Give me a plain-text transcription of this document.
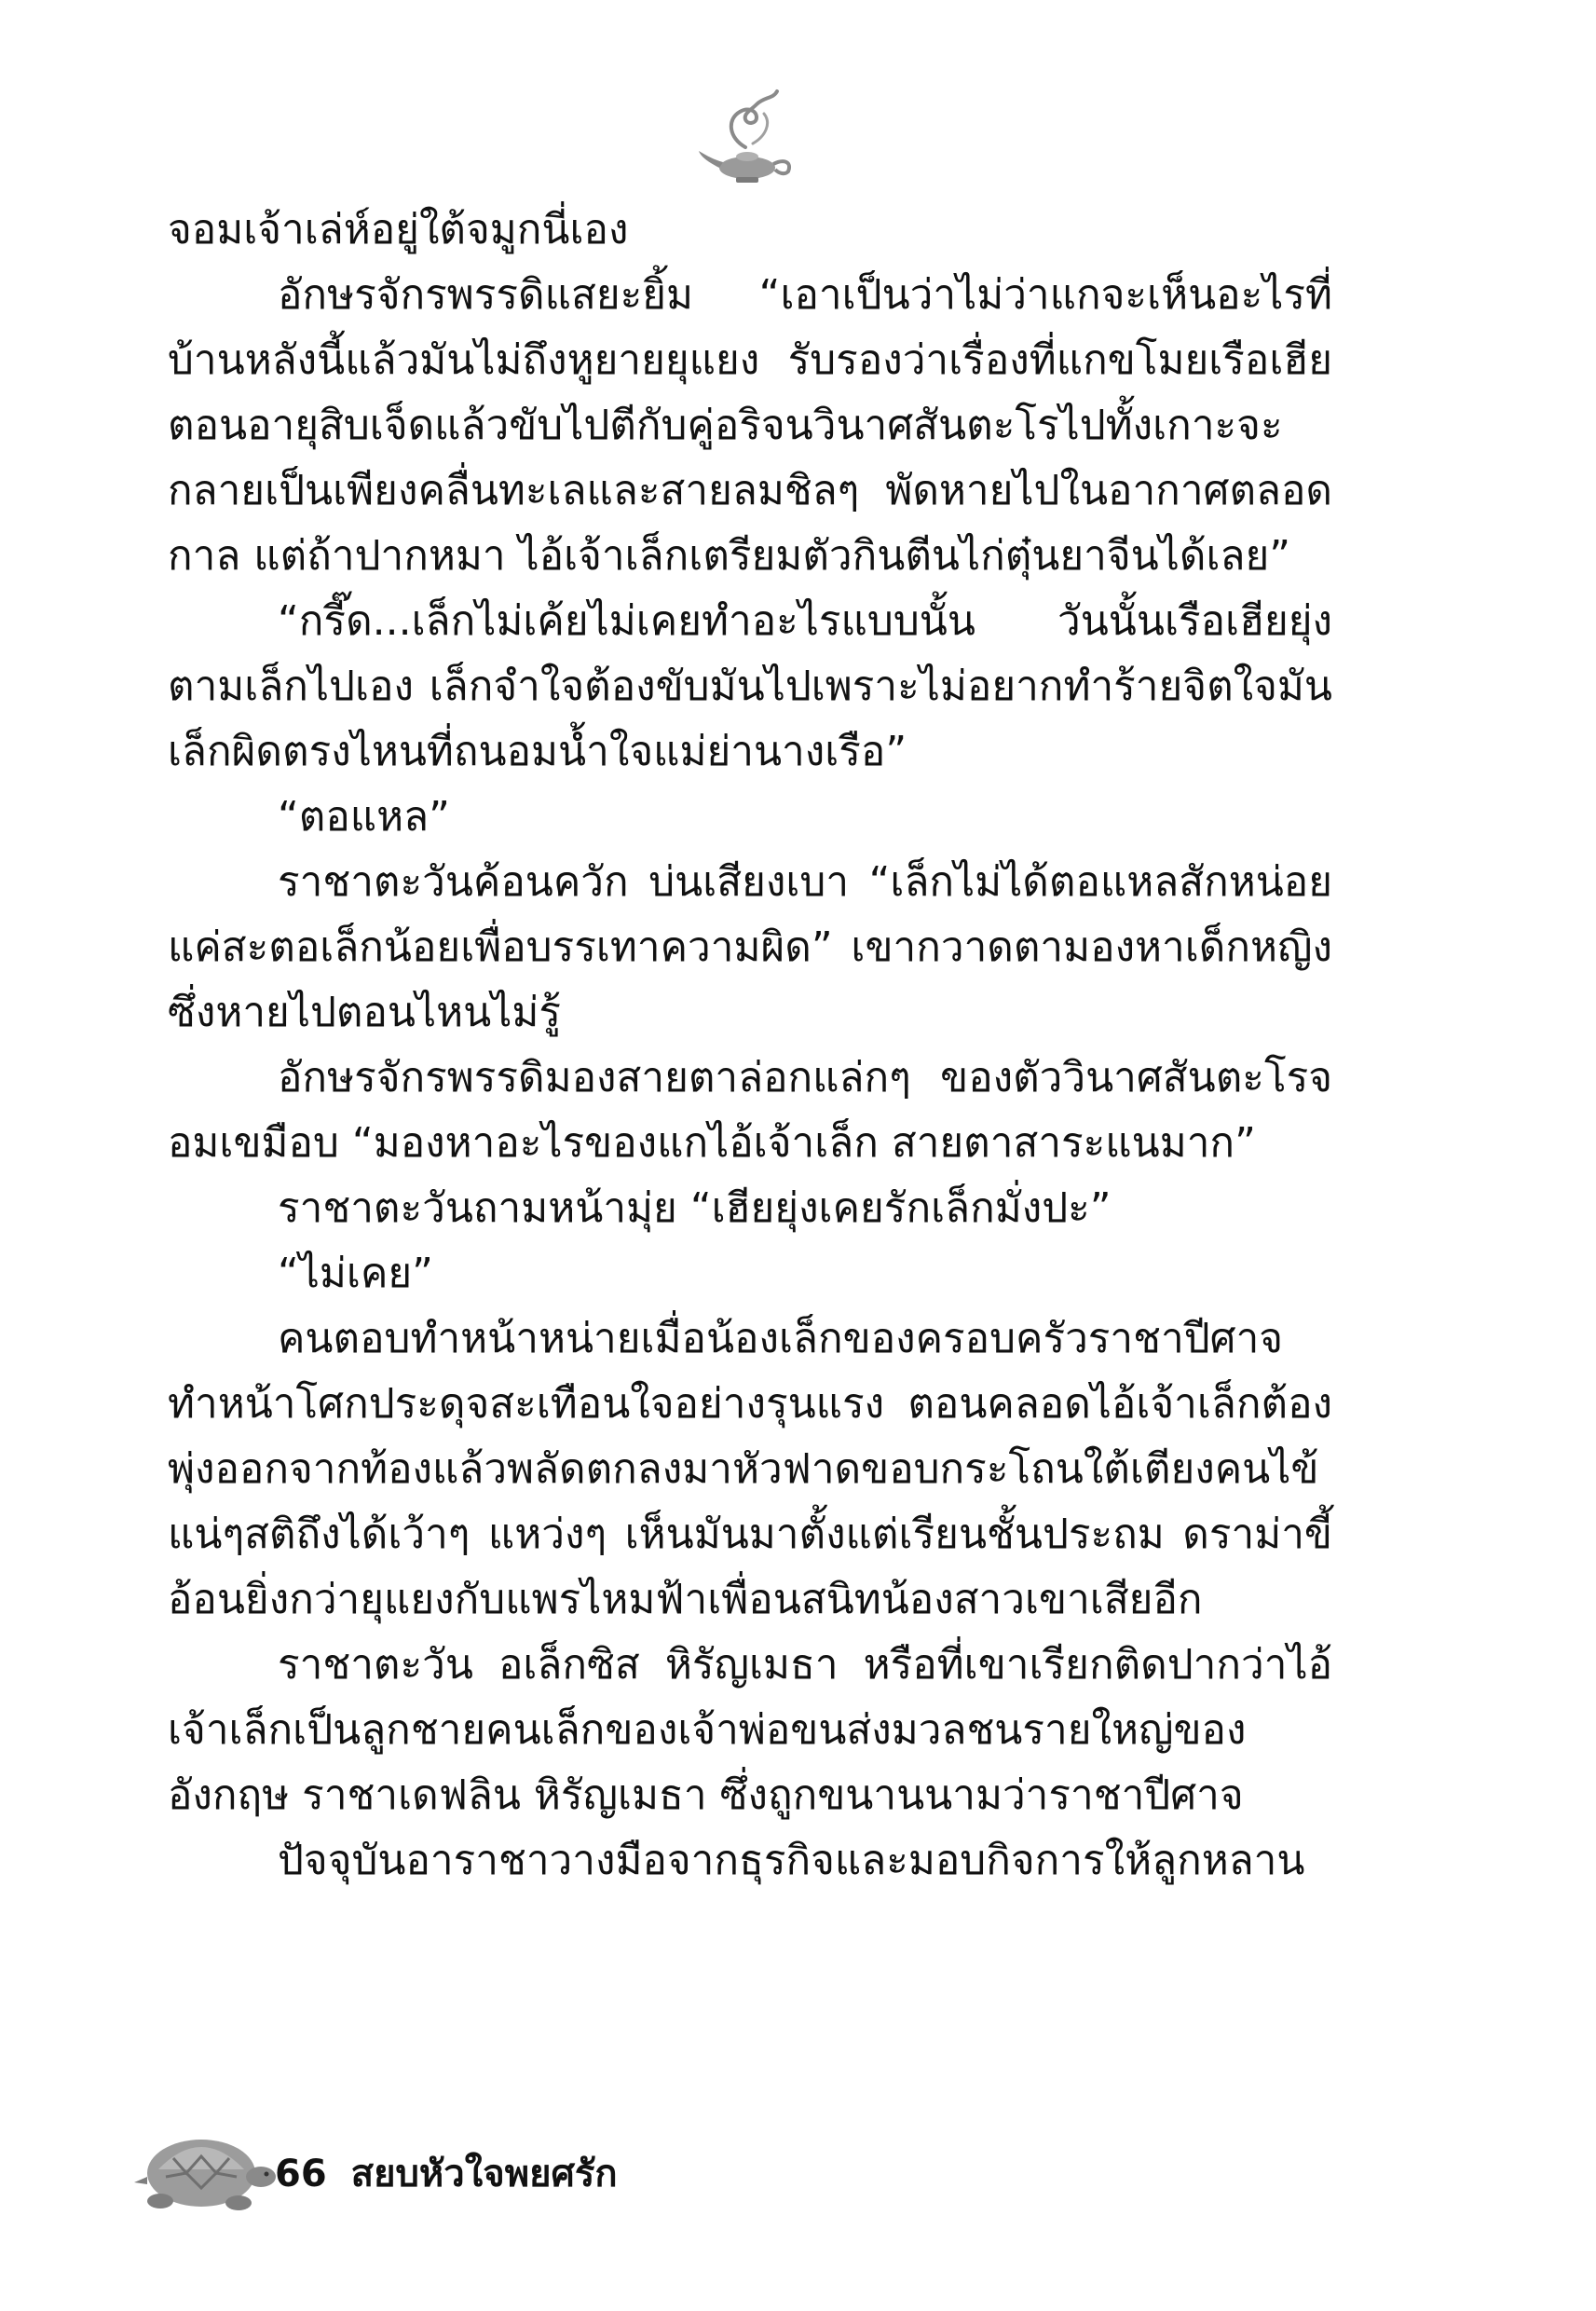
จอมเจ้าเล่ห์อยู่ใต้จมูกนี่เอง

อักษรจักรพรรดิแสยะยิ้ม “เอาเป็นว่าไม่ว่าแกจะเห็นอะไรที่บ้านหลังนี้แล้วมันไม่ถึงหูยายยุแยง รับรองว่าเรื่องที่แกขโมยเรือเฮียตอนอายุสิบเจ็ดแล้วขับไปตีกับคู่อริจนวินาศสันตะโรไปทั้งเกาะจะกลายเป็นเพียงคลื่นทะเลและสายลมชิลๆ พัดหายไปในอากาศตลอดกาล แต่ถ้าปากหมา ไอ้เจ้าเล็กเตรียมตัวกินตีนไก่ตุ๋นยาจีนได้เลย”

“กรี๊ด...เล็กไม่เค้ยไม่เคยทำอะไรแบบนั้น วันนั้นเรือเฮียยุ่งตามเล็กไปเอง เล็กจำใจต้องขับมันไปเพราะไม่อยากทำร้ายจิตใจมัน เล็กผิดตรงไหนที่ถนอมน้ำใจแม่ย่านางเรือ”

“ตอแหล”

ราชาตะวันค้อนควัก บ่นเสียงเบา “เล็กไม่ได้ตอแหลสักหน่อยแค่สะตอเล็กน้อยเพื่อบรรเทาความผิด” เขากวาดตามองหาเด็กหญิงซึ่งหายไปตอนไหนไม่รู้

อักษรจักรพรรดิมองสายตาล่อกแล่กๆ ของตัววินาศสันตะโรจอมเขมือบ “มองหาอะไรของแกไอ้เจ้าเล็ก สายตาสาระแนมาก”

ราชาตะวันถามหน้ามุ่ย “เฮียยุ่งเคยรักเล็กมั่งปะ”

“ไม่เคย”

คนตอบทำหน้าหน่ายเมื่อน้องเล็กของครอบครัวราชาปีศาจทำหน้าโศกประดุจสะเทือนใจอย่างรุนแรง ตอนคลอดไอ้เจ้าเล็กต้องพุ่งออกจากท้องแล้วพลัดตกลงมาหัวฟาดขอบกระโถนใต้เตียงคนไข้แน่ๆสติถึงได้เว้าๆ แหว่งๆ เห็นมันมาตั้งแต่เรียนชั้นประถม ดราม่าขี้อ้อนยิ่งกว่ายุแยงกับแพรไหมฟ้าเพื่อนสนิทน้องสาวเขาเสียอีก

ราชาตะวัน อเล็กซิส หิรัญเมธา หรือที่เขาเรียกติดปากว่าไอ้เจ้าเล็กเป็นลูกชายคนเล็กของเจ้าพ่อขนส่งมวลชนรายใหญ่ของอังกฤษ ราชาเดฟลิน หิรัญเมธา ซึ่งถูกขนานนามว่าราชาปีศาจ

ปัจจุบันอาราชาวางมือจากธุรกิจและมอบกิจการให้ลูกหลาน

66 สยบหัวใจพยศรัก
